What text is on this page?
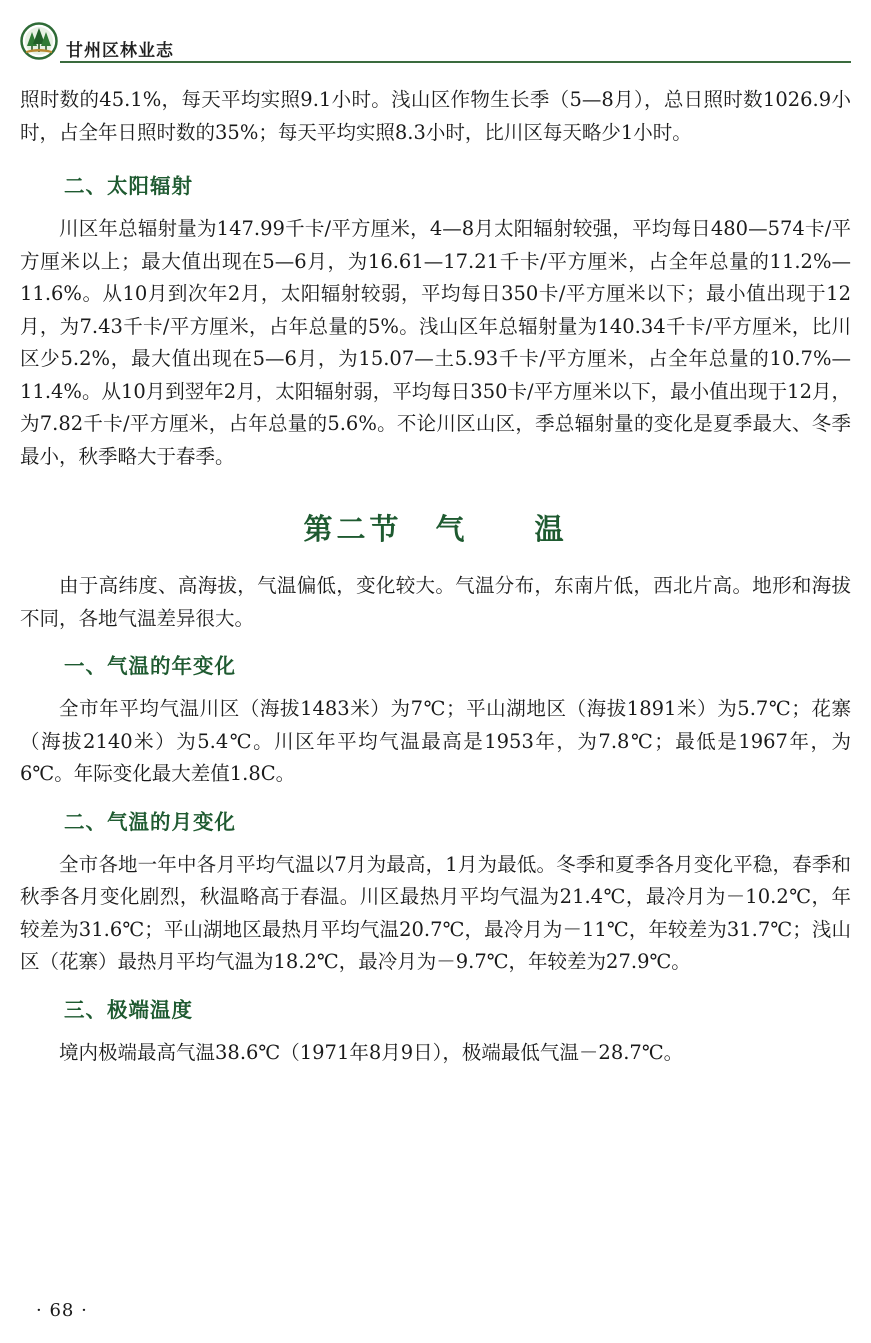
甘州区林业志

照时数的45.1%，每天平均实照9.1小时。浅山区作物生长季（5—8月），总日照时数1026.9小时，占全年日照时数的35%；每天平均实照8.3小时，比川区每天略少1小时。

二、太阳辐射

川区年总辐射量为147.99千卡/平方厘米，4—8月太阳辐射较强，平均每日480—574卡/平方厘米以上；最大值出现在5—6月，为16.61—17.21千卡/平方厘米，占全年总量的11.2%—11.6%。从10月到次年2月，太阳辐射较弱，平均每日350卡/平方厘米以下；最小值出现于12月，为7.43千卡/平方厘米，占年总量的5%。浅山区年总辐射量为140.34千卡/平方厘米，比川区少5.2%，最大值出现在5—6月，为15.07—土5.93千卡/平方厘米，占全年总量的10.7%—11.4%。从10月到翌年2月，太阳辐射弱，平均每日350卡/平方厘米以下，最小值出现于12月，为7.82千卡/平方厘米，占年总量的5.6%。不论川区山区，季总辐射量的变化是夏季最大、冬季最小，秋季略大于春季。

第二节　气　　温

由于高纬度、高海拔，气温偏低，变化较大。气温分布，东南片低，西北片高。地形和海拔不同，各地气温差异很大。

一、气温的年变化

全市年平均气温川区（海拔1483米）为7℃；平山湖地区（海拔1891米）为5.7℃；花寨（海拔2140米）为5.4℃。川区年平均气温最高是1953年，为7.8℃；最低是1967年，为6℃。年际变化最大差值1.8C。

二、气温的月变化

全市各地一年中各月平均气温以7月为最高，1月为最低。冬季和夏季各月变化平稳，春季和秋季各月变化剧烈，秋温略高于春温。川区最热月平均气温为21.4℃，最冷月为－10.2℃，年较差为31.6℃；平山湖地区最热月平均气温20.7℃，最冷月为－11℃，年较差为31.7℃；浅山区（花寨）最热月平均气温为18.2℃，最冷月为－9.7℃，年较差为27.9℃。

三、极端温度

境内极端最高气温38.6℃（1971年8月9日），极端最低气温－28.7℃。

· 68 ·
